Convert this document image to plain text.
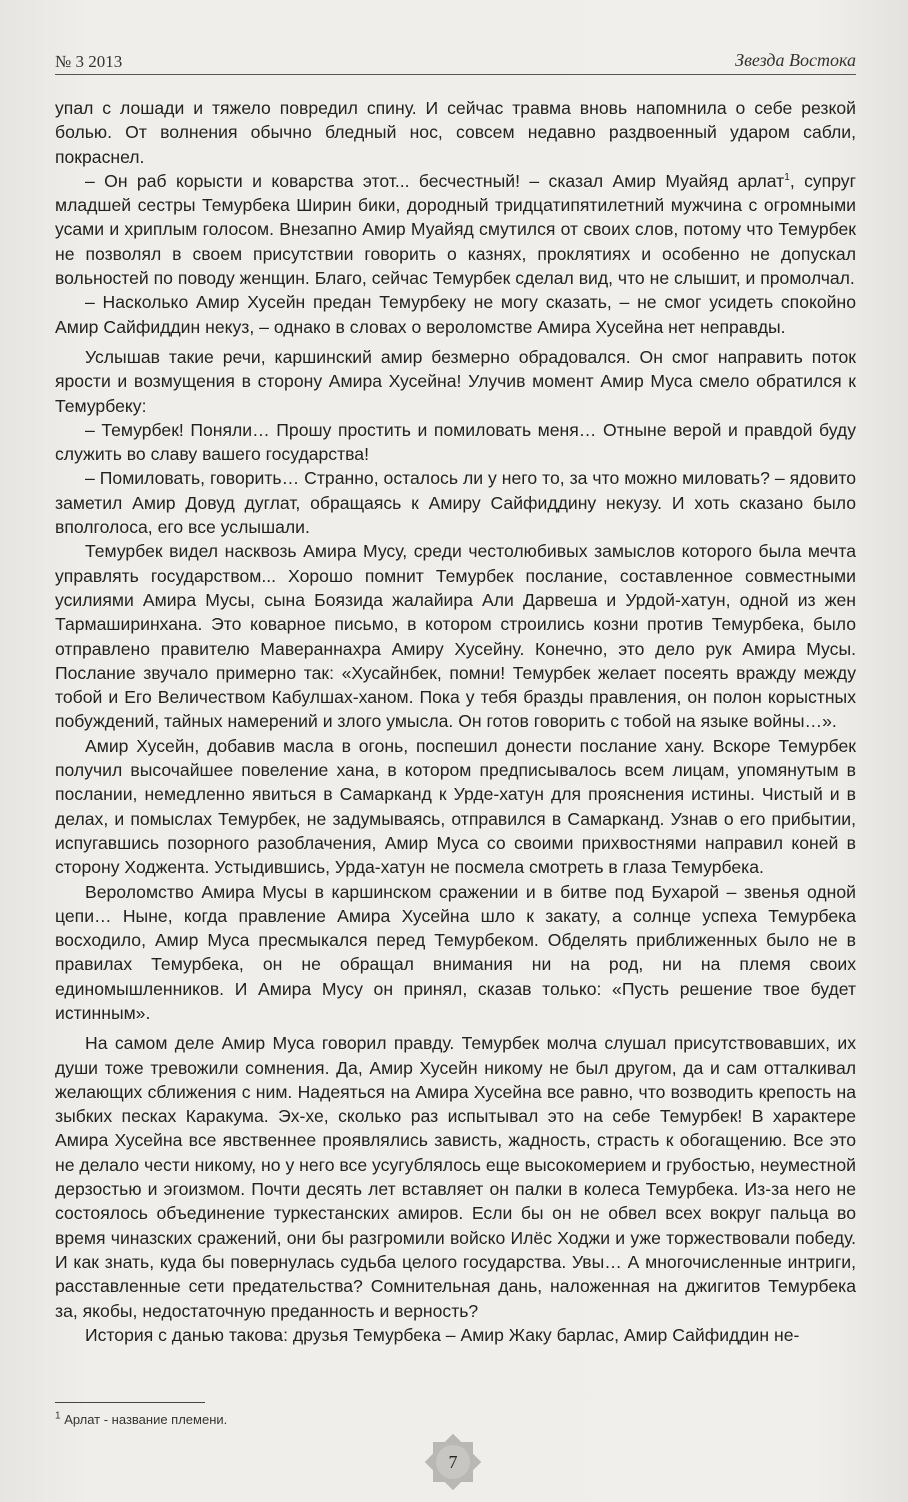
№ 3 2013	Звезда Востока

упал с лошади и тяжело повредил спину. И сейчас травма вновь напомнила о себе резкой болью. От волнения обычно бледный нос, совсем недавно раздвоенный ударом сабли, покраснел.

– Он раб корысти и коварства этот... бесчестный! – сказал Амир Муайяд арлат$^1$, супруг младшей сестры Темурбека Ширин бики, дородный тридцатипятилетний мужчина с огромными усами и хриплым голосом. Внезапно Амир Муайяд смутился от своих слов, потому что Темурбек не позволял в своем присутствии говорить о казнях, проклятиях и особенно не допускал вольностей по поводу женщин. Благо, сейчас Темурбек сделал вид, что не слышит, и промолчал.

– Насколько Амир Хусейн предан Темурбеку не могу сказать, – не смог усидеть спокойно Амир Сайфиддин некуз, – однако в словах о вероломстве Амира Хусейна нет неправды.

Услышав такие речи, каршинский амир безмерно обрадовался. Он смог направить поток ярости и возмущения в сторону Амира Хусейна! Улучив момент Амир Муса смело обратился к Темурбеку:

– Темурбек! Поняли… Прошу простить и помиловать меня… Отныне верой и правдой буду служить во славу вашего государства!

– Помиловать, говорить… Странно, осталось ли у него то, за что можно миловать? – ядовито заметил Амир Довуд дуглат, обращаясь к Амиру Сайфиддину некузу. И хоть сказано было вполголоса, его все услышали.

Темурбек видел насквозь Амира Мусу, среди честолюбивых замыслов которого была мечта управлять государством... Хорошо помнит Темурбек послание, составленное совместными усилиями Амира Мусы, сына Боязида жалайира Али Дарвеша и Урдой-хатун, одной из жен Тармаширинхана. Это коварное письмо, в котором строились козни против Темурбека, было отправлено правителю Мавераннахра Амиру Хусейну. Конечно, это дело рук Амира Мусы. Послание звучало примерно так: «Хусайнбек, помни! Темурбек желает посеять вражду между тобой и Его Величеством Кабулшах-ханом. Пока у тебя бразды правления, он полон корыстных побуждений, тайных намерений и злого умысла. Он готов говорить с тобой на языке войны…».

Амир Хусейн, добавив масла в огонь, поспешил донести послание хану. Вскоре Темурбек получил высочайшее повеление хана, в котором предписывалось всем лицам, упомянутым в послании, немедленно явиться в Самарканд к Урде-хатун для прояснения истины. Чистый и в делах, и помыслах Темурбек, не задумываясь, отправился в Самарканд. Узнав о его прибытии, испугавшись позорного разоблачения, Амир Муса со своими прихвостнями направил коней в сторону Ходжента. Устыдившись, Урда-хатун не посмела смотреть в глаза Темурбека.

Вероломство Амира Мусы в каршинском сражении и в битве под Бухарой – звенья одной цепи… Ныне, когда правление Амира Хусейна шло к закату, а солнце успеха Темурбека восходило, Амир Муса пресмыкался перед Темурбеком. Обделять приближенных было не в правилах Темурбека, он не обращал внимания ни на род, ни на племя своих единомышленников. И Амира Мусу он принял, сказав только: «Пусть решение твое будет истинным».

На самом деле Амир Муса говорил правду. Темурбек молча слушал присутствовавших, их души тоже тревожили сомнения. Да, Амир Хусейн никому не был другом, да и сам отталкивал желающих сближения с ним. Надеяться на Амира Хусейна все равно, что возводить крепость на зыбких песках Каракума. Эх-хе, сколько раз испытывал это на себе Темурбек! В характере Амира Хусейна все явственнее проявлялись зависть, жадность, страсть к обогащению. Все это не делало чести никому, но у него все усугублялось еще высокомерием и грубостью, неуместной дерзостью и эгоизмом. Почти десять лет вставляет он палки в колеса Темурбека. Из-за него не состоялось объединение туркестанских амиров. Если бы он не обвел всех вокруг пальца во время чиназских сражений, они бы разгромили войско Илёс Ходжи и уже торжествовали победу. И как знать, куда бы повернулась судьба целого государства. Увы… А многочисленные интриги, расставленные сети предательства? Сомнительная дань, наложенная на джигитов Темурбека за, якобы, недостаточную преданность и верность?

История с данью такова: друзья Темурбека – Амир Жаку барлас, Амир Сайфиддин не-

$^1$ Арлат - название племени.
7
